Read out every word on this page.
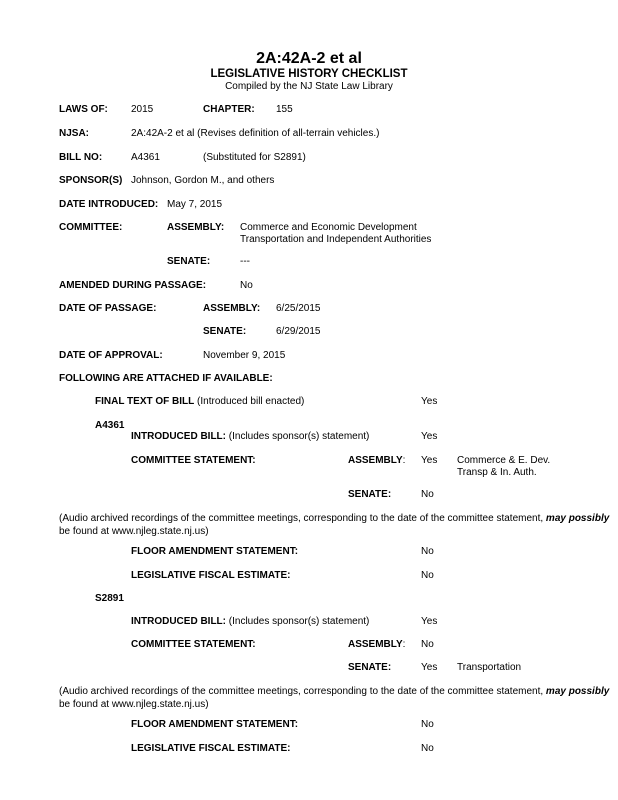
2A:42A-2 et al
LEGISLATIVE HISTORY CHECKLIST
Compiled by the NJ State Law Library
LAWS OF: 2015	CHAPTER: 155
NJSA:	2A:42A-2 et al (Revises definition of all-terrain vehicles.)
BILL NO:	A4361	(Substituted for S2891)
SPONSOR(S) Johnson, Gordon M., and others
DATE INTRODUCED: May 7, 2015
COMMITTEE:	ASSEMBLY: Commerce and Economic Development
Transportation and Independent Authorities
SENATE:	---
AMENDED DURING PASSAGE:	No
DATE OF PASSAGE:	ASSEMBLY: 6/25/2015
SENATE:	6/29/2015
DATE OF APPROVAL:	November 9, 2015
FOLLOWING ARE ATTACHED IF AVAILABLE:
FINAL TEXT OF BILL (Introduced bill enacted)	Yes
A4361
INTRODUCED BILL: (Includes sponsor(s) statement)	Yes
COMMITTEE STATEMENT:	ASSEMBLY: Yes Commerce & E. Dev.
Transp & In. Auth.
SENATE:	No
(Audio archived recordings of the committee meetings, corresponding to the date of the committee statement, may possibly
be found at www.njleg.state.nj.us)
FLOOR AMENDMENT STATEMENT:	No
LEGISLATIVE FISCAL ESTIMATE:	No
S2891
INTRODUCED BILL: (Includes sponsor(s) statement)	Yes
COMMITTEE STATEMENT:	ASSEMBLY: No
SENATE:	Yes Transportation
(Audio archived recordings of the committee meetings, corresponding to the date of the committee statement, may possibly
be found at www.njleg.state.nj.us)
FLOOR AMENDMENT STATEMENT:	No
LEGISLATIVE FISCAL ESTIMATE:	No
